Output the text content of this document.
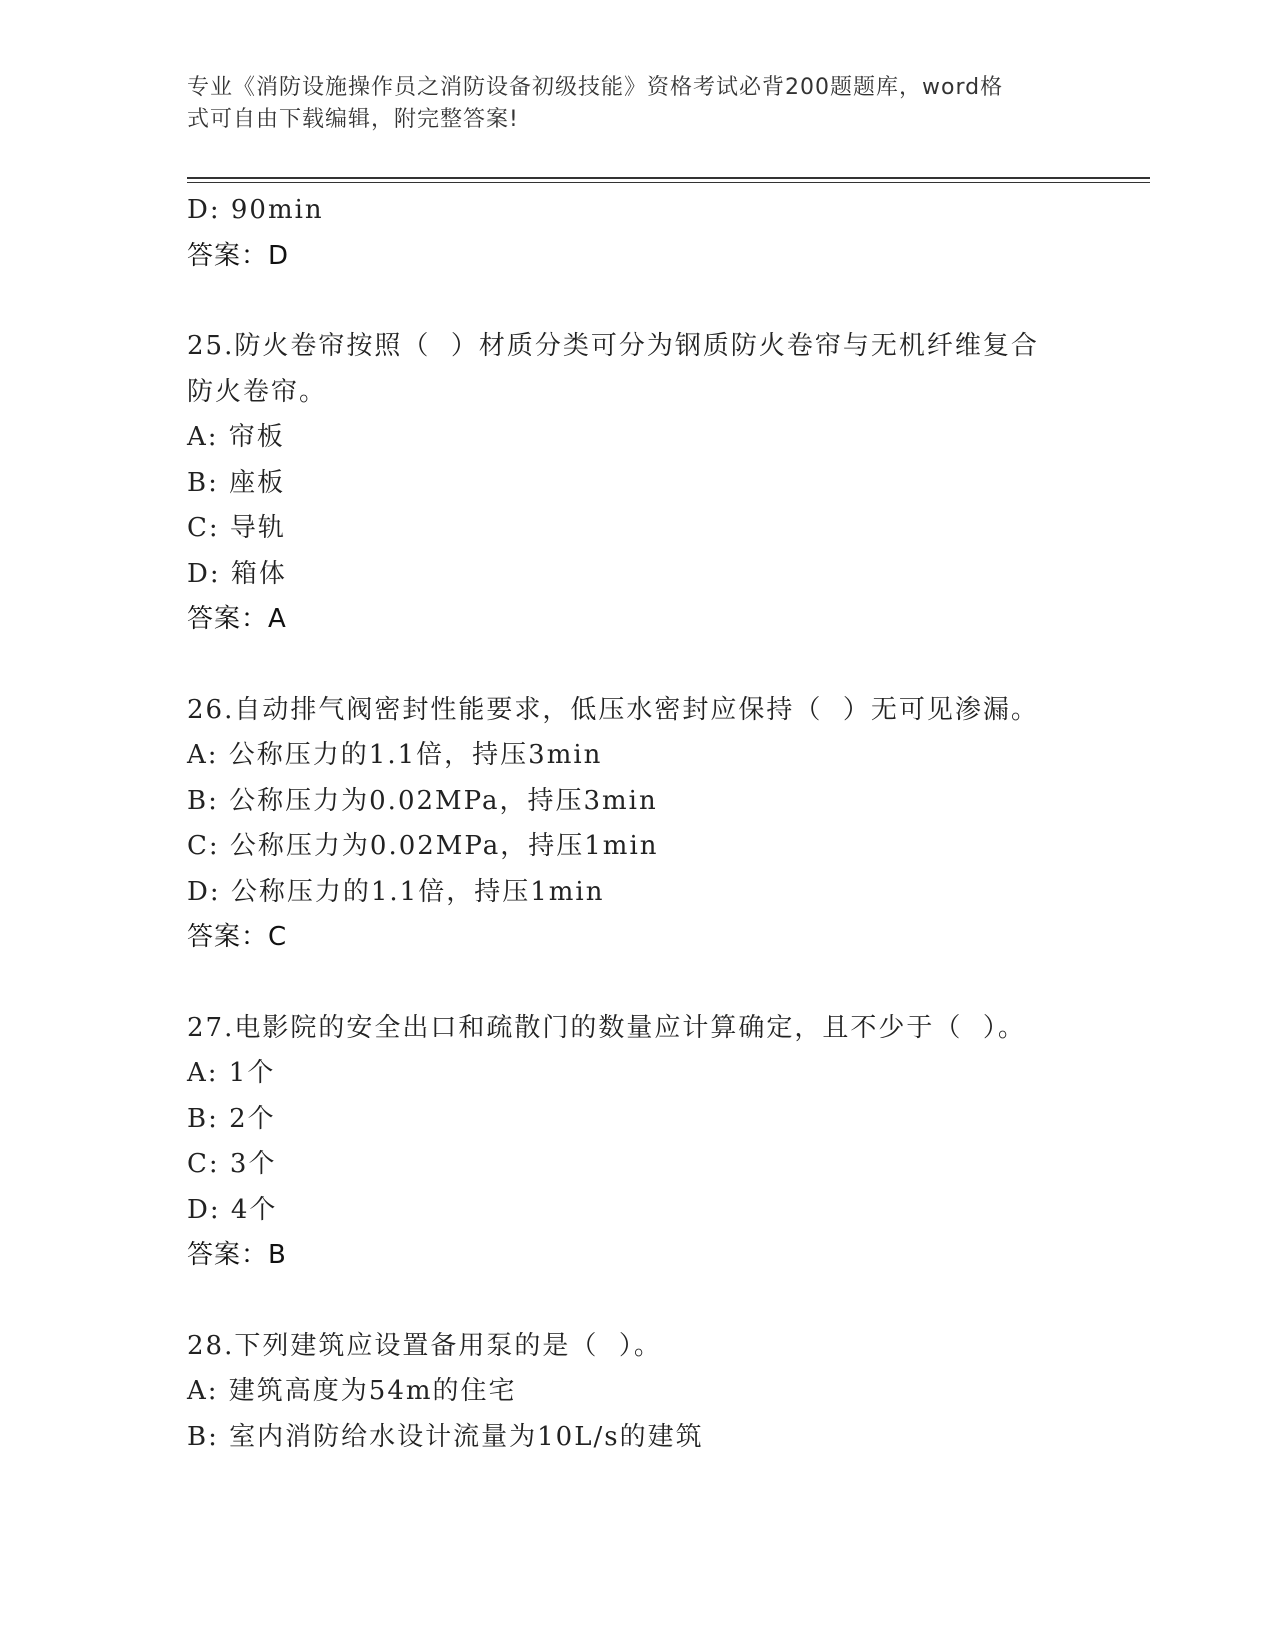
专业《消防设施操作员之消防设备初级技能》资格考试必背200题题库，word格
式可自由下载编辑，附完整答案!
D: 90min
答案：D
25.防火卷帘按照（  ）材质分类可分为钢质防火卷帘与无机纤维复合
防火卷帘。
A: 帘板
B: 座板
C: 导轨
D: 箱体
答案：A
26.自动排气阀密封性能要求，低压水密封应保持（  ）无可见渗漏。
A: 公称压力的1.1倍，持压3min
B: 公称压力为0.02MPa，持压3min
C: 公称压力为0.02MPa，持压1min
D: 公称压力的1.1倍，持压1min
答案：C
27.电影院的安全出口和疏散门的数量应计算确定，且不少于（  ）。
A: 1个
B: 2个
C: 3个
D: 4个
答案：B
28.下列建筑应设置备用泵的是（  ）。
A: 建筑高度为54m的住宅
B: 室内消防给水设计流量为10L/s的建筑
